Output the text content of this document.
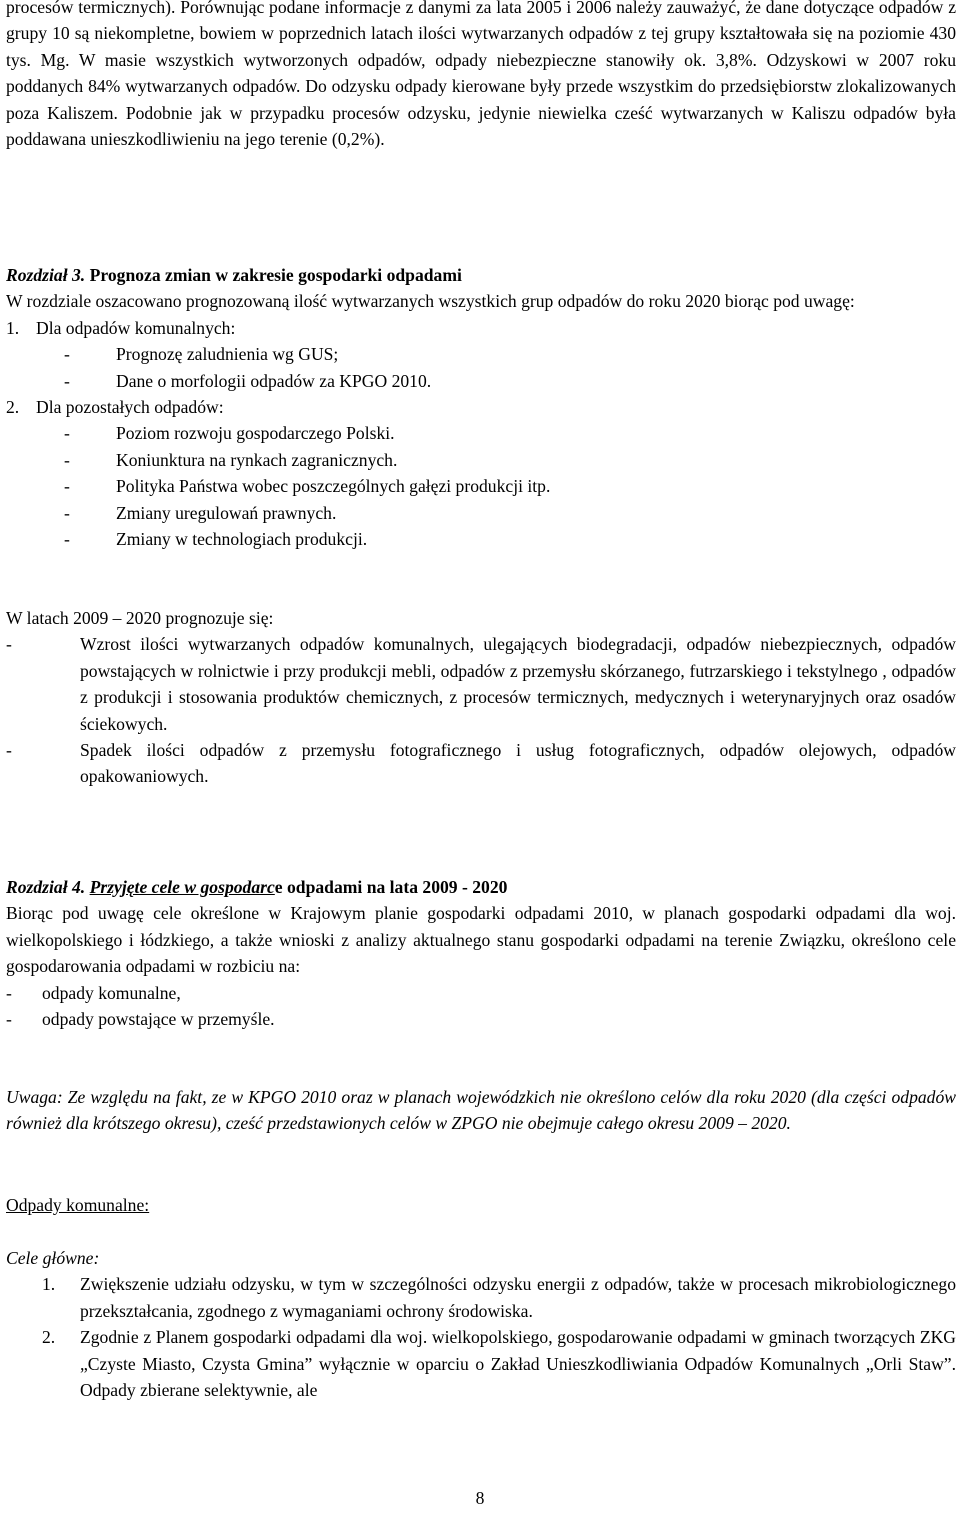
procesów termicznych). Porównując podane informacje z danymi za lata 2005 i 2006 należy zauważyć, że dane dotyczące odpadów z grupy 10 są niekompletne, bowiem w poprzednich latach ilości wytwarzanych odpadów z tej grupy kształtowała się na poziomie 430 tys. Mg. W masie wszystkich wytworzonych odpadów, odpady niebezpieczne stanowiły ok. 3,8%. Odzyskowi w 2007 roku poddanych 84% wytwarzanych odpadów. Do odzysku odpady kierowane były przede wszystkim do przedsiębiorstw zlokalizowanych poza Kaliszem. Podobnie jak w przypadku procesów odzysku, jedynie niewielka cześć wytwarzanych w Kaliszu odpadów była poddawana unieszkodliwieniu na jego terenie (0,2%).

Rozdział 3. Prognoza zmian w zakresie gospodarki odpadami

W rozdziale oszacowano prognozowaną ilość wytwarzanych wszystkich grup odpadów do roku 2020 biorąc pod uwagę:

1. Dla odpadów komunalnych:
-	Prognozę zaludnienia wg GUS;
-	Dane o morfologii odpadów za KPGO 2010.
2. Dla pozostałych odpadów:
-	Poziom rozwoju gospodarczego Polski.
-	Koniunktura na rynkach zagranicznych.
-	Polityka Państwa wobec poszczególnych gałęzi produkcji itp.
-	Zmiany uregulowań prawnych.
-	Zmiany w technologiach produkcji.

W latach 2009 – 2020 prognozuje się:

-	Wzrost ilości wytwarzanych odpadów komunalnych, ulegających biodegradacji, odpadów niebezpiecznych, odpadów powstających w rolnictwie i przy produkcji mebli, odpadów z przemysłu skórzanego, futrzarskiego i tekstylnego , odpadów z produkcji i stosowania produktów chemicznych, z procesów termicznych, medycznych i weterynaryjnych oraz osadów ściekowych.
-	Spadek ilości odpadów z przemysłu fotograficznego i usług fotograficznych, odpadów olejowych, odpadów opakowaniowych.

Rozdział 4. Przyjęte cele w gospodarce odpadami na lata 2009 - 2020

Biorąc pod uwagę cele określone w Krajowym planie gospodarki odpadami 2010, w planach gospodarki odpadami dla woj. wielkopolskiego i łódzkiego, a także wnioski z analizy aktualnego stanu gospodarki odpadami na terenie Związku, określono cele gospodarowania odpadami w rozbiciu na:

- odpady komunalne,
- odpady powstające w przemyśle.

Uwaga: Ze względu na fakt, ze w KPGO 2010 oraz w planach wojewódzkich nie określono celów dla roku 2020 (dla części odpadów również dla krótszego okresu), cześć przedstawionych celów w ZPGO nie obejmuje całego okresu 2009 – 2020.

Odpady komunalne:

Cele główne:

1. Zwiększenie udziału odzysku, w tym w szczególności odzysku energii z odpadów, także w procesach mikrobiologicznego przekształcania, zgodnego z wymaganiami ochrony środowiska.
2. Zgodnie z Planem gospodarki odpadami dla woj. wielkopolskiego, gospodarowanie odpadami w gminach tworzących ZKG „Czyste Miasto, Czysta Gmina” wyłącznie w oparciu o Zakład Unieszkodliwiania Odpadów Komunalnych „Orli Staw”. Odpady zbierane selektywnie, ale
8
